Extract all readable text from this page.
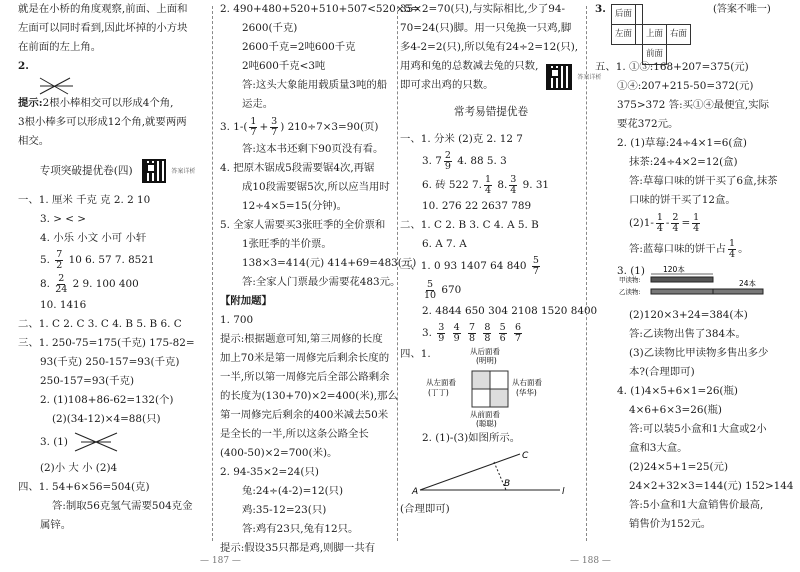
就是在小桥的角度观察,前面、上面和
左面可以同时看到,因此坏掉的小方块
在前面的左上角。
2.
提示:2根小棒相交可以形成4个角,
3根小棒多可以形成12个角,就要两两
相交。
专项突破提优卷(四)	答案详析
一、1. 厘米 千克 克 2. 2 10
3. > < >
4. 小乐 小文 小可 小轩
5. $\frac{7}{2} 10$ 6. 57 7. 8521
8. $\frac{2}{24} 2$ 9. 100 400
10. 1416
二、1. C 2. C 3. C 4. B 5. B 6. C
三、1. 250-75=175(千克) 175-82=
93(千克) 250-157=93(千克)
250-157=93(千克)
2. (1)108+86-62=132(个)
(2)(34-12)×4=88(只)
3. (1)
(2)小 大 小 (2)4
四、1. 54+6×56=504(克)
答:制取56克氢气需要504克金
属锌。
2. 490+480+520+510+507<520×5=
2600(千克)
2600千克=2吨600千克
2吨600千克<3吨
答:这头大象能用载质量3吨的船
运走。
3. $1-( \frac{1}{7} + \frac{3}{7}$ ) 210÷7×3=90(页)
答:这本书还剩下90页没有看。
4. 把原木锯成5段需要锯4次,再锯
成10段需要锯5次,所以应当用时
12÷4×5=15(分钟)。
5. 全家人需要买3张旺季的全价票和
1张旺季的半价票。
138×3=414(元) 414+69=483(元)
答:全家人门票最少需要花483元。
【附加题】
1. 700
提示:根据题意可知,第三周修的长度
加上70米是第一周修完后剩余长度的
一半,所以第一周修完后全部公路剩余
的长度为(130+70)×2=400(米),那么
第一周修完后剩余的400米减去50米
是全长的一半,所以这条公路全长
(400-50)×2=700(米)。
2. 94-35×2=24(只)
兔:24÷(4-2)=12(只)
鸡:35-12=23(只)
答:鸡有23只,兔有12只。
提示:假设35只都是鸡,则脚一共有
35×2=70(只),与实际相比,少了94-
70=24(只)脚。用一只兔换一只鸡,脚
多4-2=2(只),所以兔有24÷2=12(只),
用鸡和兔的总数减去兔的只数,
即可求出鸡的只数。
答案详析
常考易错提优卷
一、1. 分米 (2)克 2. 12 7
3. $7 \frac{2}{9} 4$. 88 5. 3
6. 砖 522 7. $\frac{1}{4} 8$. $\frac{3}{4} 9$. 31
10. 276 22 2637 789
二、1. C 2. B 3. C 4. A 5. B
6. A 7. A
三、1. 0 93 1407 64 $840 \frac{5}{7}$
$\frac{5}{10} 670$
2. 4844 650 304 2108 1520 8400
3. $\frac{3}{9}$
$\frac{4}{9}$
$\frac{7}{8}$
$\frac{8}{8}$
$\frac{5}{6}$
$\frac{6}{7}$
四、1.	从后面看
(明明)
从左面看
(丁丁)
从右面看
(华华)
从前面看
(聪聪)
2. (1)-(3)如图所示。
A
B
C
l
(合理即可)
3. 后面			
左面		上面	右面
		前面	
(答案不唯一)
五、1. ①③:168+207=375(元)
①④:207+215-50=372(元)
375>372 答:买①④最便宜,实际
要花372元。
2. (1)草莓:24÷4×1=6(盒)
抹茶:24÷4×2=12(盒)
答:草莓口味的饼干买了6盒,抹茶
口味的饼干买了12盒。
$(2)1- \frac{1}{4} - \frac{2}{4} = \frac{1}{4}$
答:蓝莓口味的饼干占 $\frac{1}{4}$ 。
3. (1) 120本
甲读物:
乙读物:
24本
(2)120×3+24=384(本)
答:乙读物出售了384本。
(3)乙读物比甲读物多售出多少
本?(合理即可)
4. (1)4×5+6×1=26(瓶)
4×6+6×3=26(瓶)
答:可以装5小盒和1大盒或2小
盒和3大盒。
(2)24×5+1=25(元)
24×2+32×3=144(元) 152>144
答:5小盒和1大盒销售价最高,
销售价为152元。
— 187 —	— 188 —
